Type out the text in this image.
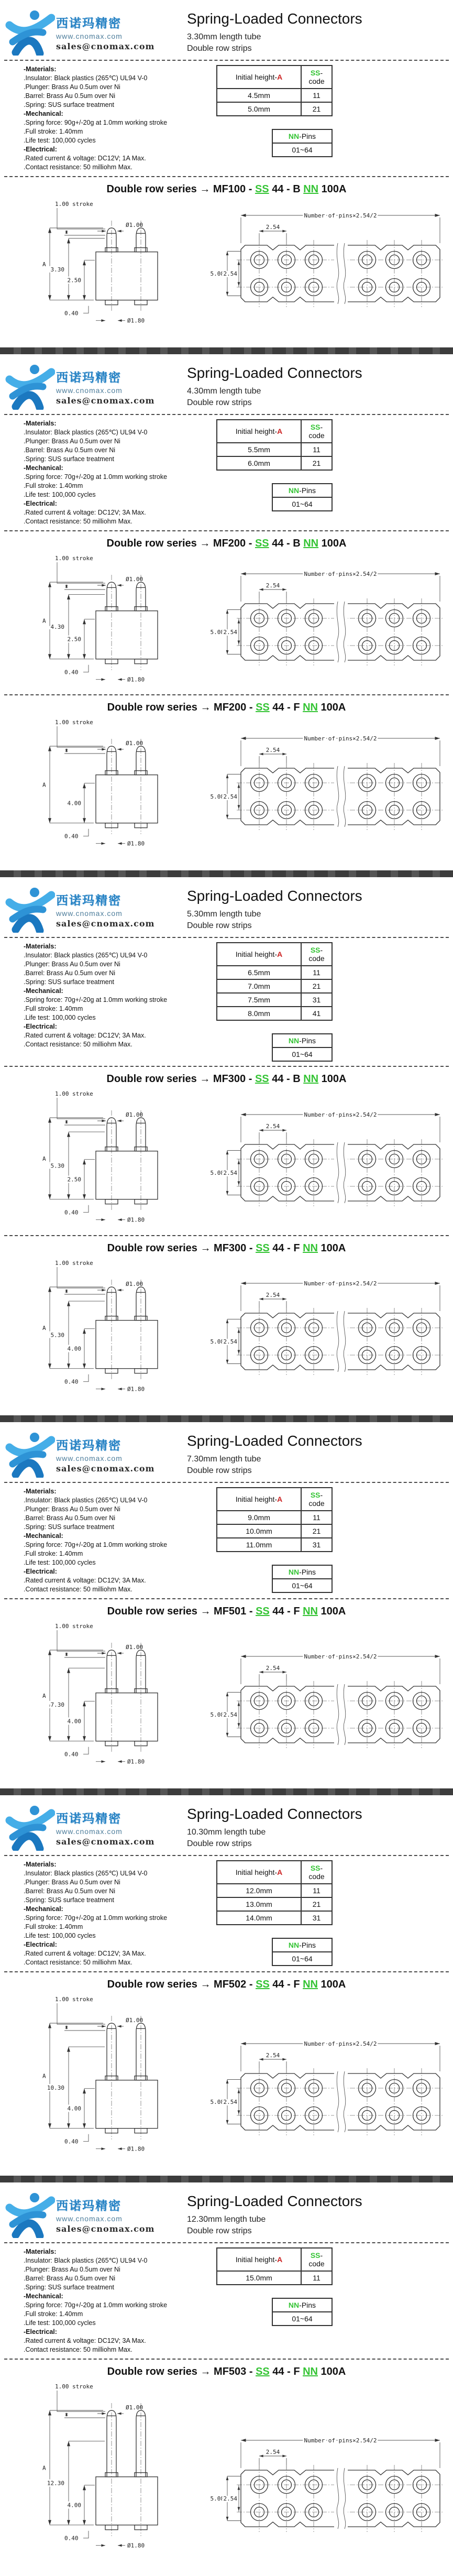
西诺玛精密
www.cnomax.com
sales@cnomax.com
Spring-Loaded Connectors
3.30mm length tube
Double row strips
-Materials:
.Insulator: Black plastics (265℃) UL94 V-0
.Plunger: Brass Au 0.5um over Ni
.Barrel: Brass Au 0.5um over Ni
.Spring: SUS surface treatment
-Mechanical:
.Spring force: 90g+/-20g at 1.0mm working stroke
.Full stroke: 1.40mm
.Life test: 100,000 cycles
-Electrical:
.Rated current & voltage: DC12V; 1A Max.
.Contact resistance: 50 milliohm Max.
Initial height-A	SS-code
4.5mm	11
5.0mm	21
NN-Pins
01~64
Double row series → MF100 - SS 44 - B NN 100A
1.00 stroke
Ø1.00
A
3.30
2.50
0.40
Ø1.80
Number of pins×2.54/2
2.54
5.08
2.54
西诺玛精密
www.cnomax.com
sales@cnomax.com
Spring-Loaded Connectors
4.30mm length tube
Double row strips
-Materials:
.Insulator: Black plastics (265℃) UL94 V-0
.Plunger: Brass Au 0.5um over Ni
.Barrel: Brass Au 0.5um over Ni
.Spring: SUS surface treatment
-Mechanical:
.Spring force: 70g+/-20g at 1.0mm working stroke
.Full stroke: 1.40mm
.Life test: 100,000 cycles
-Electrical:
.Rated current & voltage: DC12V; 3A Max.
.Contact resistance: 50 milliohm Max.
Initial height-A	SS-code
5.5mm	11
6.0mm	21
NN-Pins
01~64
Double row series → MF200 - SS 44 - B NN 100A
1.00 stroke
Ø1.00
A
4.30
2.50
0.40
Ø1.80
Number of pins×2.54/2
2.54
5.08
2.54
Double row series → MF200 - SS 44 - F NN 100A
1.00 stroke
Ø1.00
A
4.00
0.40
Ø1.80
Number of pins×2.54/2
2.54
5.08
2.54
西诺玛精密
www.cnomax.com
sales@cnomax.com
Spring-Loaded Connectors
5.30mm length tube
Double row strips
-Materials:
.Insulator: Black plastics (265℃) UL94 V-0
.Plunger: Brass Au 0.5um over Ni
.Barrel: Brass Au 0.5um over Ni
.Spring: SUS surface treatment
-Mechanical:
.Spring force: 70g+/-20g at 1.0mm working stroke
.Full stroke: 1.40mm
.Life test: 100,000 cycles
-Electrical:
.Rated current & voltage: DC12V; 3A Max.
.Contact resistance: 50 milliohm Max.
Initial height-A	SS-code
6.5mm	11
7.0mm	21
7.5mm	31
8.0mm	41
NN-Pins
01~64
Double row series → MF300 - SS 44 - B NN 100A
1.00 stroke
Ø1.00
A
5.30
2.50
0.40
Ø1.80
Number of pins×2.54/2
2.54
5.08
2.54
Double row series → MF300 - SS 44 - F NN 100A
1.00 stroke
Ø1.00
A
5.30
4.00
0.40
Ø1.80
Number of pins×2.54/2
2.54
5.08
2.54
西诺玛精密
www.cnomax.com
sales@cnomax.com
Spring-Loaded Connectors
7.30mm length tube
Double row strips
-Materials:
.Insulator: Black plastics (265℃) UL94 V-0
.Plunger: Brass Au 0.5um over Ni
.Barrel: Brass Au 0.5um over Ni
.Spring: SUS surface treatment
-Mechanical:
.Spring force: 70g+/-20g at 1.0mm working stroke
.Full stroke: 1.40mm
.Life test: 100,000 cycles
-Electrical:
.Rated current & voltage: DC12V; 3A Max.
.Contact resistance: 50 milliohm Max.
Initial height-A	SS-code
9.0mm	11
10.0mm	21
11.0mm	31
NN-Pins
01~64
Double row series → MF501 - SS 44 - F NN 100A
1.00 stroke
Ø1.00
A
7.30
4.00
0.40
Ø1.80
Number of pins×2.54/2
2.54
5.08
2.54
西诺玛精密
www.cnomax.com
sales@cnomax.com
Spring-Loaded Connectors
10.30mm length tube
Double row strips
-Materials:
.Insulator: Black plastics (265℃) UL94 V-0
.Plunger: Brass Au 0.5um over Ni
.Barrel: Brass Au 0.5um over Ni
.Spring: SUS surface treatment
-Mechanical:
.Spring force: 70g+/-20g at 1.0mm working stroke
.Full stroke: 1.40mm
.Life test: 100,000 cycles
-Electrical:
.Rated current & voltage: DC12V; 3A Max.
.Contact resistance: 50 milliohm Max.
Initial height-A	SS-code
12.0mm	11
13.0mm	21
14.0mm	31
NN-Pins
01~64
Double row series → MF502 - SS 44 - F NN 100A
1.00 stroke
Ø1.00
A
10.30
4.00
0.40
Ø1.80
Number of pins×2.54/2
2.54
5.08
2.54
西诺玛精密
www.cnomax.com
sales@cnomax.com
Spring-Loaded Connectors
12.30mm length tube
Double row strips
-Materials:
.Insulator: Black plastics (265℃) UL94 V-0
.Plunger: Brass Au 0.5um over Ni
.Barrel: Brass Au 0.5um over Ni
.Spring: SUS surface treatment
-Mechanical:
.Spring force: 70g+/-20g at 1.0mm working stroke
.Full stroke: 1.40mm
.Life test: 100,000 cycles
-Electrical:
.Rated current & voltage: DC12V; 3A Max.
.Contact resistance: 50 milliohm Max.
Initial height-A	SS-code
15.0mm	11
NN-Pins
01~64
Double row series → MF503 - SS 44 - F NN 100A
1.00 stroke
Ø1.00
A
12.30
4.00
0.40
Ø1.80
Number of pins×2.54/2
2.54
5.08
2.54
